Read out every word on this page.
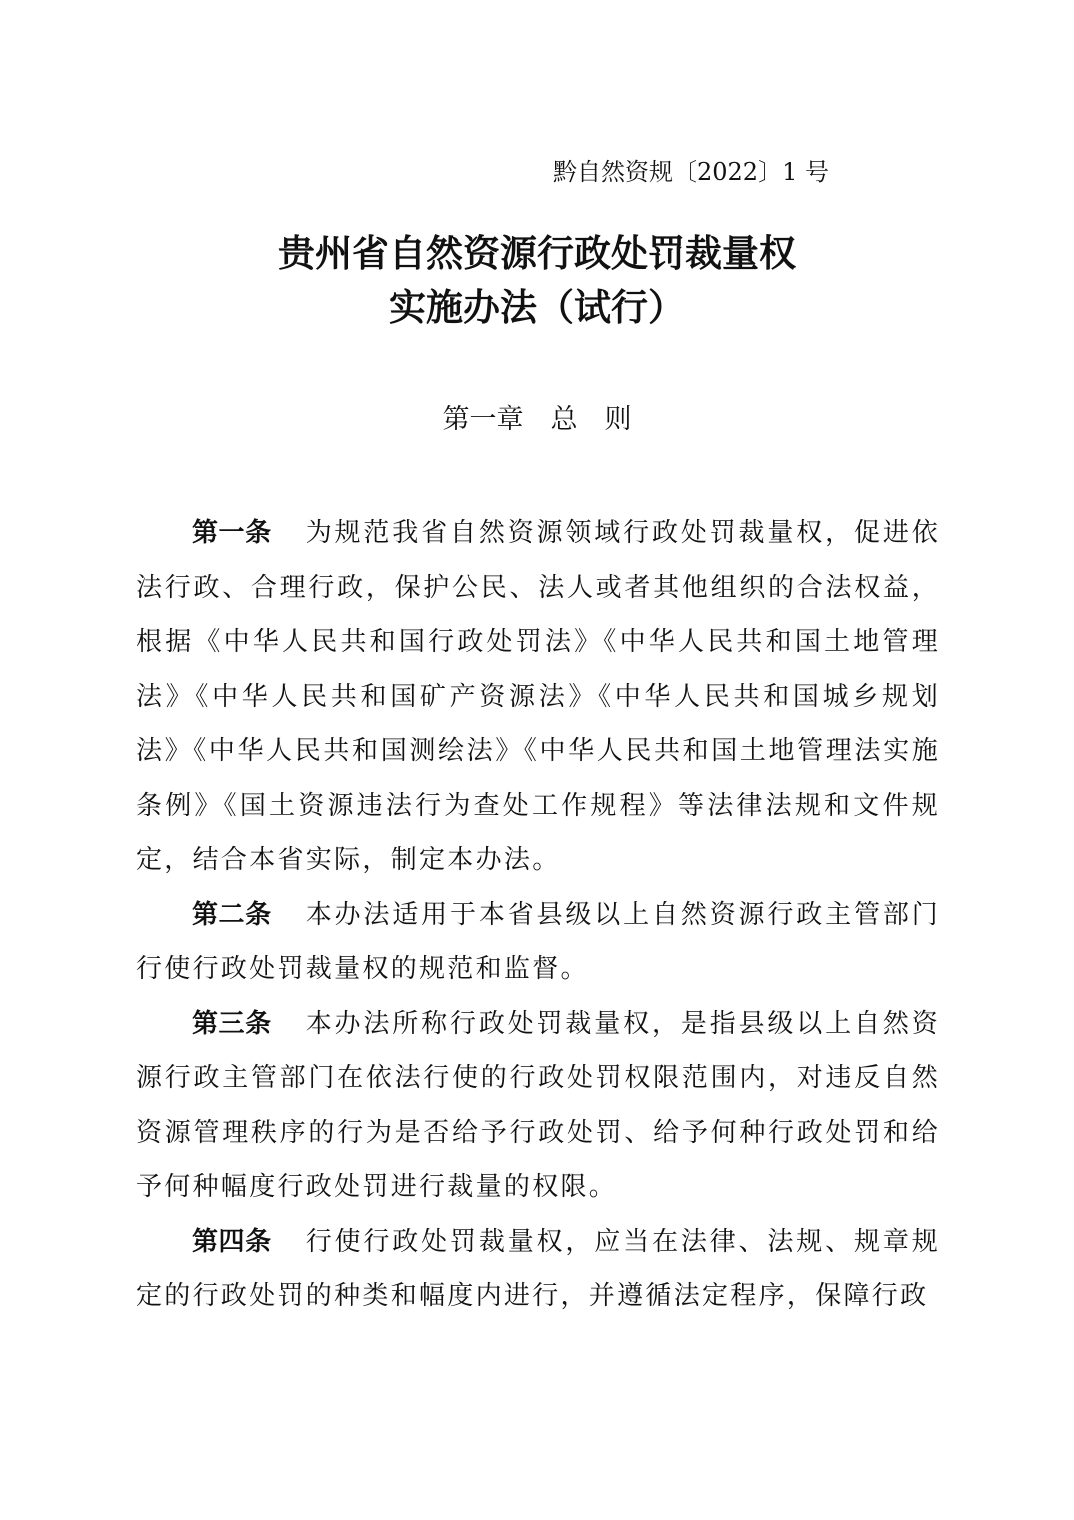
黔自然资规〔2022〕1 号
贵州省自然资源行政处罚裁量权
实施办法（试行）
第一章　总　则

第一条 为规范我省自然资源领域行政处罚裁量权，促进依法行政、合理行政，保护公民、法人或者其他组织的合法权益，根据《中华人民共和国行政处罚法》《中华人民共和国土地管理法》《中华人民共和国矿产资源法》《中华人民共和国城乡规划法》《中华人民共和国测绘法》《中华人民共和国土地管理法实施条例》《国土资源违法行为查处工作规程》等法律法规和文件规定，结合本省实际，制定本办法。

第二条 本办法适用于本省县级以上自然资源行政主管部门行使行政处罚裁量权的规范和监督。

第三条 本办法所称行政处罚裁量权，是指县级以上自然资源行政主管部门在依法行使的行政处罚权限范围内，对违反自然资源管理秩序的行为是否给予行政处罚、给予何种行政处罚和给予何种幅度行政处罚进行裁量的权限。

第四条 行使行政处罚裁量权，应当在法律、法规、规章规定的行政处罚的种类和幅度内进行，并遵循法定程序，保障行政
